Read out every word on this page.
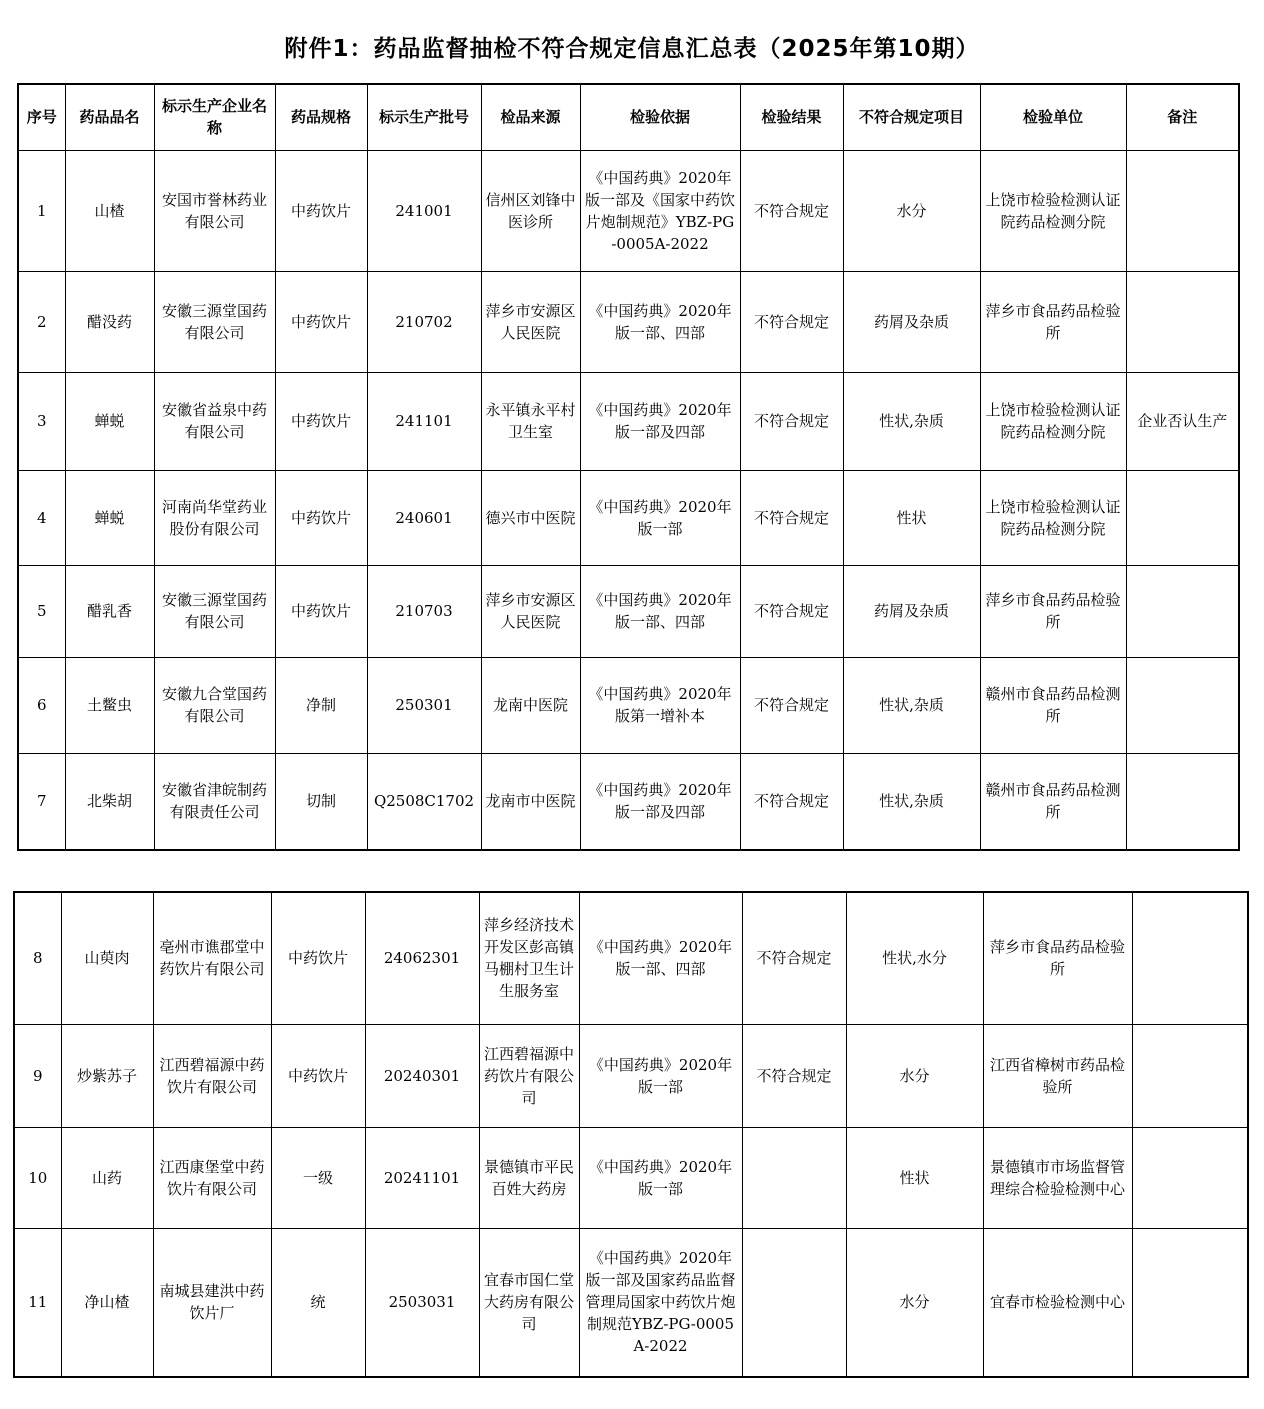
附件1：药品监督抽检不符合规定信息汇总表（2025年第10期）
序号	药品品名	标示生产企业名称	药品规格	标示生产批号	检品来源	检验依据	检验结果	不符合规定项目	检验单位	备注
1	山楂	安国市誉林药业有限公司	中药饮片	241001	信州区刘锋中医诊所	《中国药典》2020年版一部及《国家中药饮片炮制规范》YBZ-PG-0005A-2022	不符合规定	水分	上饶市检验检测认证院药品检测分院	
2	醋没药	安徽三源堂国药有限公司	中药饮片	210702	萍乡市安源区人民医院	《中国药典》2020年版一部、四部	不符合规定	药屑及杂质	萍乡市食品药品检验所	
3	蝉蜕	安徽省益泉中药有限公司	中药饮片	241101	永平镇永平村卫生室	《中国药典》2020年版一部及四部	不符合规定	性状,杂质	上饶市检验检测认证院药品检测分院	企业否认生产
4	蝉蜕	河南尚华堂药业股份有限公司	中药饮片	240601	德兴市中医院	《中国药典》2020年版一部	不符合规定	性状	上饶市检验检测认证院药品检测分院	
5	醋乳香	安徽三源堂国药有限公司	中药饮片	210703	萍乡市安源区人民医院	《中国药典》2020年版一部、四部	不符合规定	药屑及杂质	萍乡市食品药品检验所	
6	土鳖虫	安徽九合堂国药有限公司	净制	250301	龙南中医院	《中国药典》2020年版第一增补本	不符合规定	性状,杂质	赣州市食品药品检测所	
7	北柴胡	安徽省津皖制药有限责任公司	切制	Q2508C1702	龙南市中医院	《中国药典》2020年版一部及四部	不符合规定	性状,杂质	赣州市食品药品检测所	
8	山萸肉	亳州市谯郡堂中药饮片有限公司	中药饮片	24062301	萍乡经济技术开发区彭高镇马棚村卫生计生服务室	《中国药典》2020年版一部、四部	不符合规定	性状,水分	萍乡市食品药品检验所	
9	炒紫苏子	江西碧福源中药饮片有限公司	中药饮片	20240301	江西碧福源中药饮片有限公司	《中国药典》2020年版一部	不符合规定	水分	江西省樟树市药品检验所	
10	山药	江西康堡堂中药饮片有限公司	一级	20241101	景德镇市平民百姓大药房	《中国药典》2020年版一部		性状	景德镇市市场监督管理综合检验检测中心	
11	净山楂	南城县建洪中药饮片厂	统	2503031	宜春市国仁堂大药房有限公司	《中国药典》2020年版一部及国家药品监督管理局国家中药饮片炮制规范YBZ-PG-0005A-2022		水分	宜春市检验检测中心	
